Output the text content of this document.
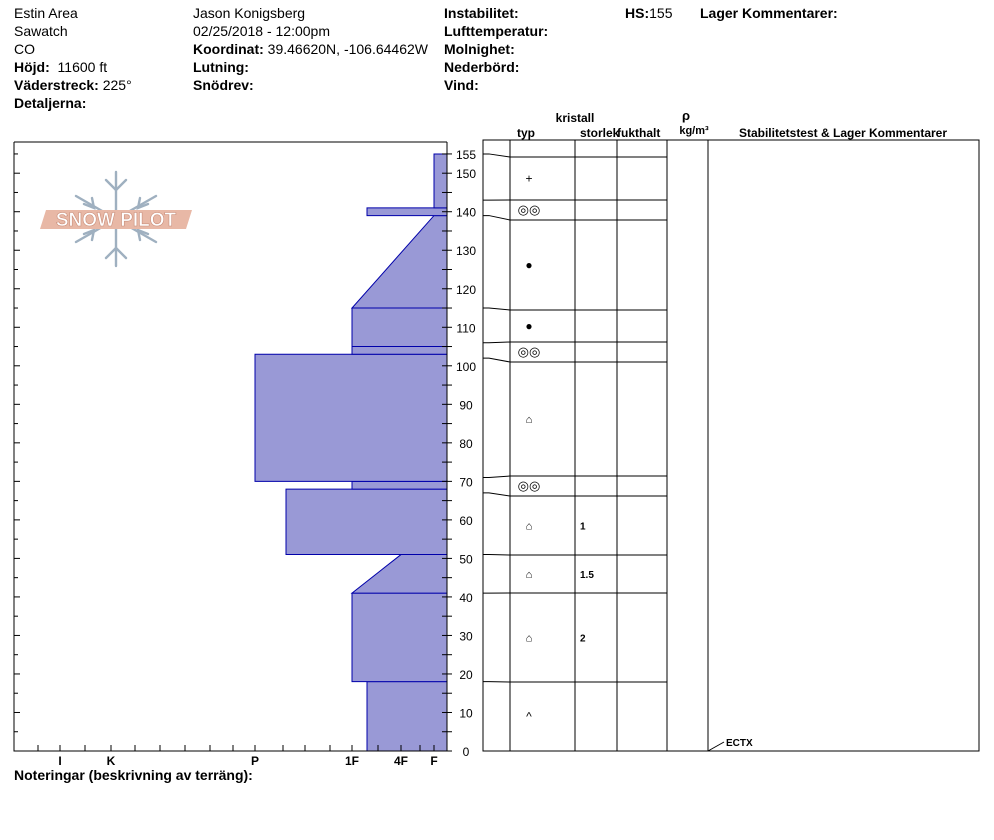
Estin Area
Sawatch
CO
Höjd: 11600 ft
Väderstreck: 225°
Detaljerna:
Jason Konigsberg
02/25/2018 - 12:00pm
Koordinat: 39.46620N, -106.64462W
Lutning:
Snödrev:
Instabilitet:
Lufttemperatur:
Molnighet:
Nederbörd:
Vind:
HS:155 Lager Kommentarer:
Noteringar (beskrivning av terräng):
SNOW PILOT
I	K	P	1F	4F F
0
10
20
30
40
50
60
70
80
90
100
110
120
130
140
150
155
typ
kristall
storlek
fukthalt
ρ
kg/m³	Stabilitetstest & Lager Kommentarer
^
⌂	2
⌂	1.5
⌂	1
◎◎
⌂
◎◎
●
●
◎◎
+
ECTX
